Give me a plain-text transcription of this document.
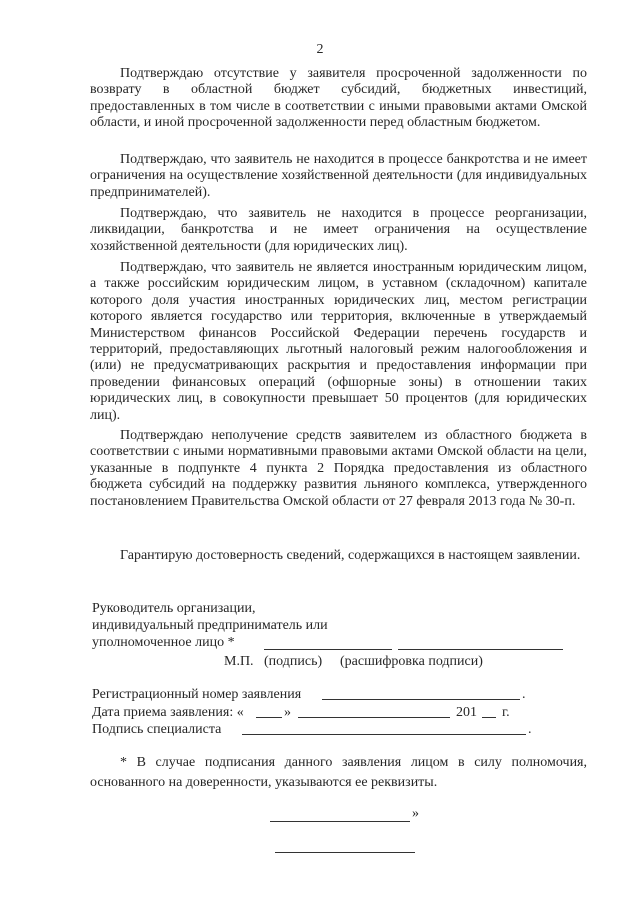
2

Подтверждаю отсутствие у заявителя просроченной задолженности по возврату в областной бюджет субсидий, бюджетных инвестиций, предоставленных в том числе в соответствии с иными правовыми актами Омской области, и иной просроченной задолженности перед областным бюджетом.

Подтверждаю, что заявитель не находится в процессе банкротства и не имеет ограничения на осуществление хозяйственной деятельности (для индивидуальных предпринимателей).

Подтверждаю, что заявитель не находится в процессе реорганизации, ликвидации, банкротства и не имеет ограничения на осуществление хозяйственной деятельности (для юридических лиц).

Подтверждаю, что заявитель не является иностранным юридическим лицом, а также российским юридическим лицом, в уставном (складочном) капитале которого доля участия иностранных юридических лиц, местом регистрации которого является государство или территория, включенные в утверждаемый Министерством финансов Российской Федерации перечень государств и территорий, предоставляющих льготный налоговый режим налогообложения и (или) не предусматривающих раскрытия и предоставления информации при проведении финансовых операций (офшорные зоны) в отношении таких юридических лиц, в совокупности превышает 50 процентов (для юридических лиц).

Подтверждаю неполучение средств заявителем из областного бюджета в соответствии с иными нормативными правовыми актами Омской области на цели, указанные в подпункте 4 пункта 2 Порядка предоставления из областного бюджета субсидий на поддержку развития льняного комплекса, утвержденного постановлением Правительства Омской области от 27 февраля 2013 года № 30-п.

Гарантирую достоверность сведений, содержащихся в настоящем заявлении.

Руководитель организации,
индивидуальный предприниматель или
уполномоченное лицо *
М.П. (подпись) (расшифровка подписи)
Регистрационный номер заявления	.
Дата приема заявления: «	»	201 г.
Подпись специалиста	.

* В случае подписания данного заявления лицом в силу полномочия, основанного на доверенности, указываются ее реквизиты.

»
